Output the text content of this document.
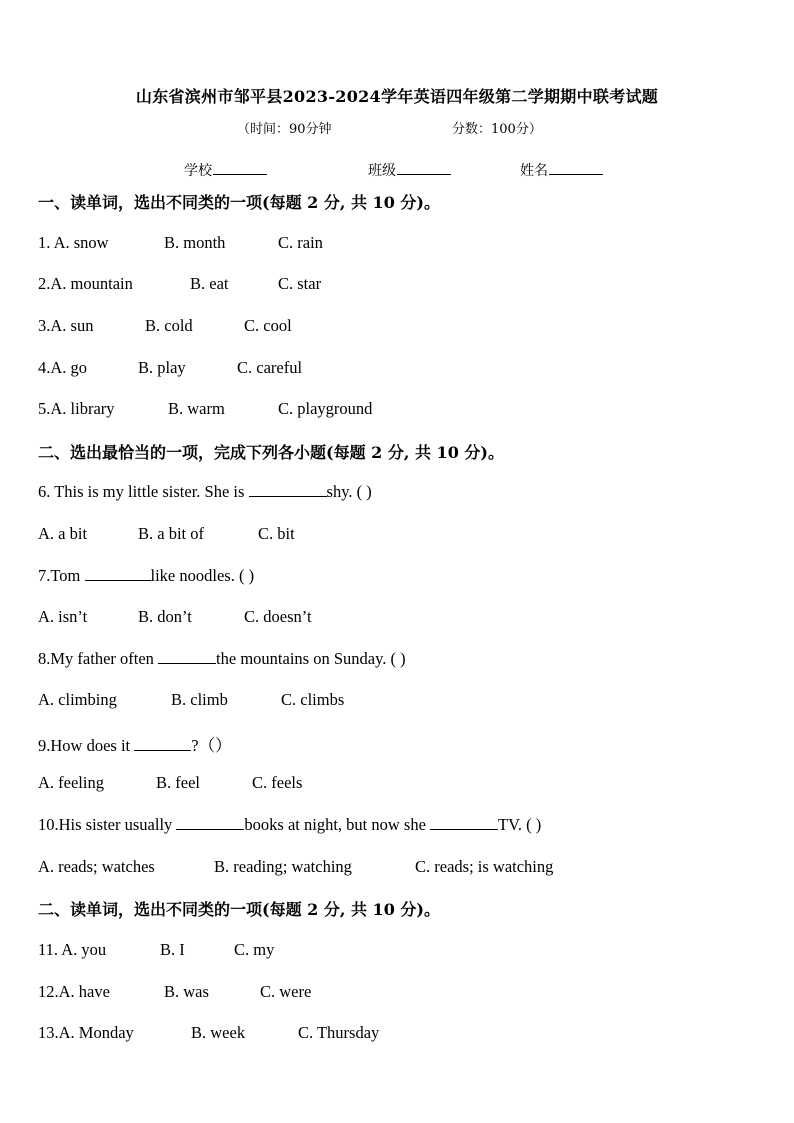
山东省滨州市邹平县2023-2024学年英语四年级第二学期期中联考试题
（时间：90分钟	分数：100分）
学校	班级	姓名
一、读单词，选出不同类的一项(每题 2 分, 共 10 分)。
1. A. snow	B. month	C. rain
2.A. mountain	B. eat	C. star
3.A. sun	B. cold	C. cool
4.A. go	B. play	C. careful
5.A. library	B. warm	C. playground
二、选出最恰当的一项，完成下列各小题(每题 2 分, 共 10 分)。
6. This is my little sister. She is	shy. ( )
A. a bit	B. a bit of	C. bit
7.Tom	like noodles. ( )
A. isn’t	B. don’t	C. doesn’t
8.My father often	the mountains on Sunday. ( )
A. climbing	B. climb	C. climbs
9.How does it	?（）
A. feeling	B. feel	C. feels
10.His sister usually	books at night, but now she	TV. ( )
A. reads; watches	B. reading; watching	C. reads; is watching
二、读单词，选出不同类的一项(每题 2 分, 共 10 分)。
11. A. you	B. I	C. my
12.A. have	B. was	C. were
13.A. Monday	B. week	C. Thursday
